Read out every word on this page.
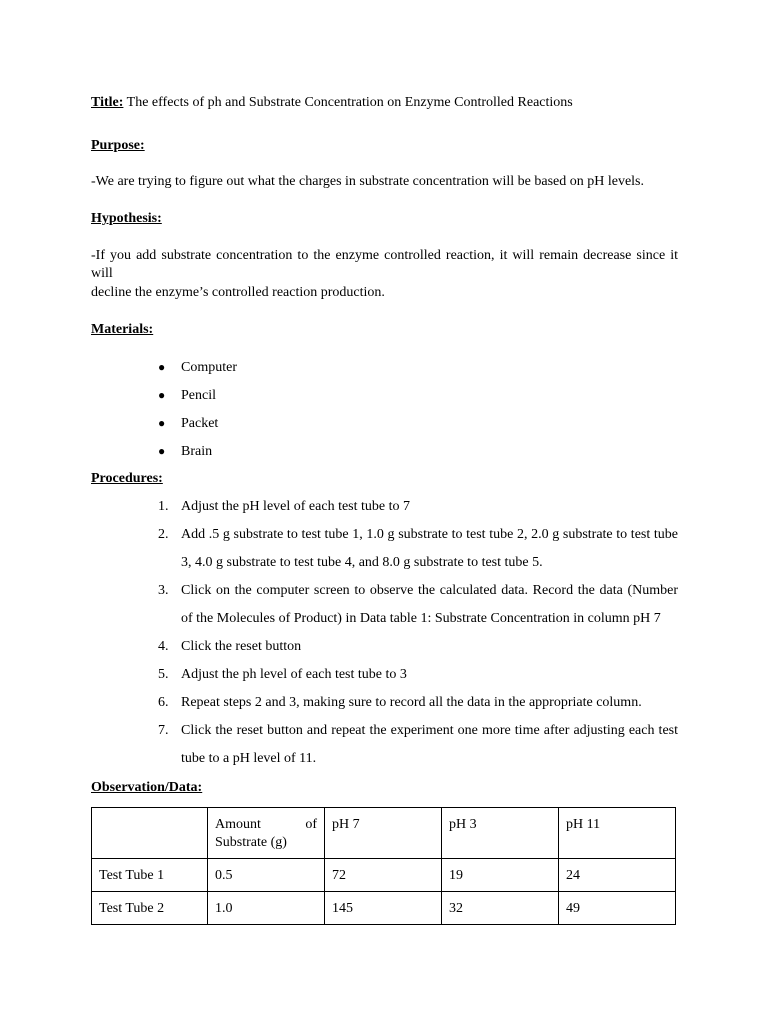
Title: The effects of ph and Substrate Concentration on Enzyme Controlled Reactions
Purpose:
-We are trying to figure out what the charges in substrate concentration will be based on pH levels.
Hypothesis:
-If you add substrate concentration to the enzyme controlled reaction, it will remain decrease since it will
decline the enzyme’s controlled reaction production.
Materials:
● Computer
● Pencil
● Packet
● Brain
Procedures:
1. Adjust the pH level of each test tube to 7
2. Add .5 g substrate to test tube 1, 1.0 g substrate to test tube 2, 2.0 g substrate to test tube 3, 4.0 g substrate to test tube 4, and 8.0 g substrate to test tube 5.
3. Click on the computer screen to observe the calculated data. Record the data (Number of the Molecules of Product) in Data table 1: Substrate Concentration in column pH 7
4. Click the reset button
5. Adjust the ph level of each test tube to 3
6. Repeat steps 2 and 3, making sure to record all the data in the appropriate column.
7. Click the reset button and repeat the experiment one more time after adjusting each test tube to a pH level of 11.
Observation/Data:
	Amount of Substrate (g)	pH 7	pH 3	pH 11
Test Tube 1	0.5	72	19	24
Test Tube 2	1.0	145	32	49
